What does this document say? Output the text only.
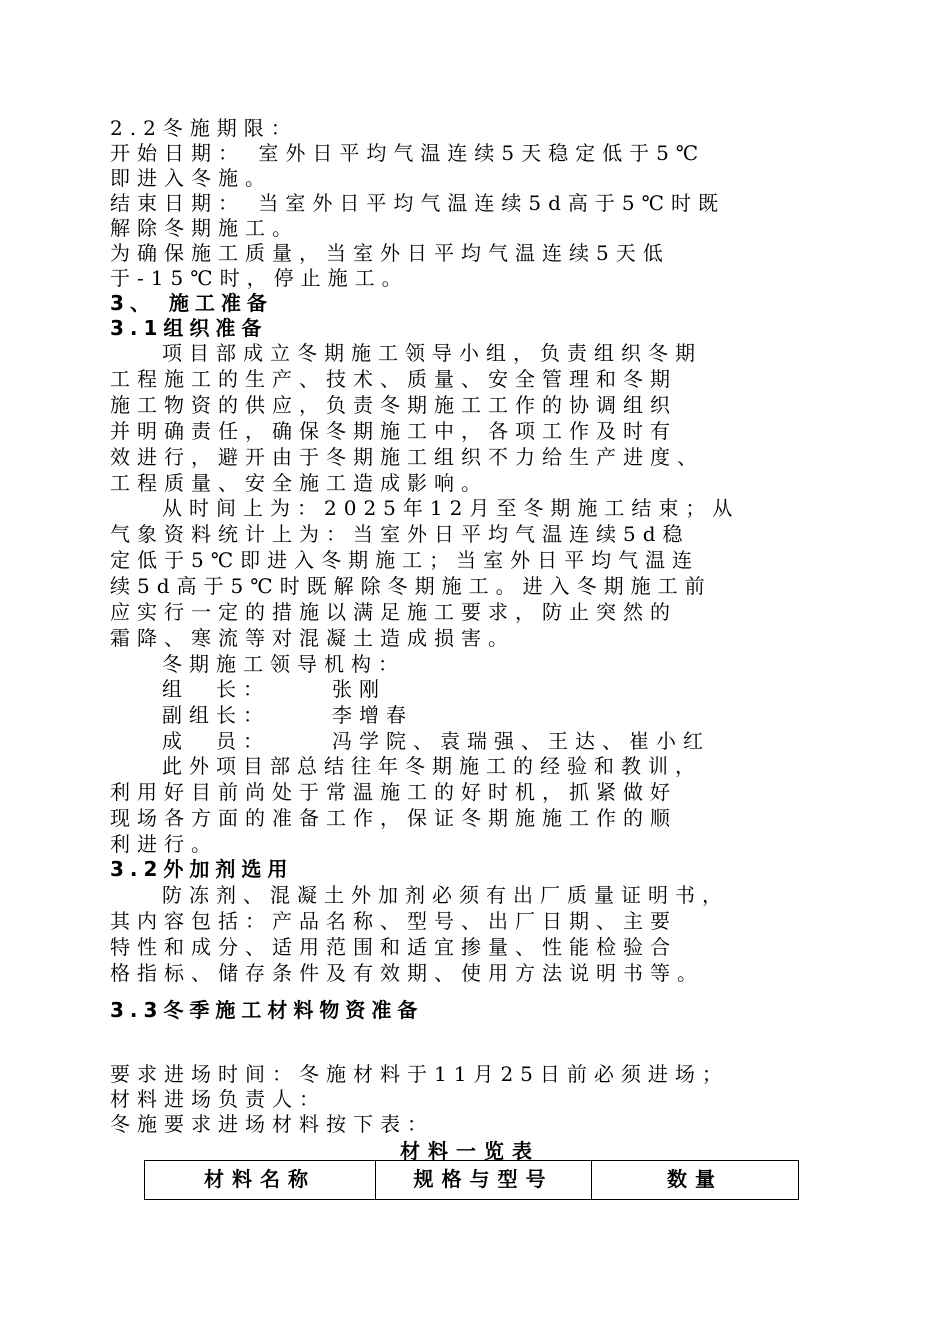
2.2冬施期限：
开始日期： 室外日平均气温连续5天稳定低于5℃
即进入冬施。
结束日期： 当室外日平均气温连续5d高于5℃时既
解除冬期施工。
为确保施工质量，当室外日平均气温连续5天低
于-15℃时，停止施工。
3、 施工准备
3.1组织准备
项目部成立冬期施工领导小组，负责组织冬期
工程施工的生产、技术、质量、安全管理和冬期
施工物资的供应，负责冬期施工工作的协调组织
并明确责任，确保冬期施工中，各项工作及时有
效进行，避开由于冬期施工组织不力给生产进度、
工程质量、安全施工造成影响。
从时间上为：2025年12月至冬期施工结束；从
气象资料统计上为：当室外日平均气温连续5d稳
定低于5℃即进入冬期施工；当室外日平均气温连
续5d高于5℃时既解除冬期施工。进入冬期施工前
应实行一定的措施以满足施工要求，防止突然的
霜降、寒流等对混凝土造成损害。
冬期施工领导机构：
组　长：	张刚
副组长：	李增春
成　员：	冯学院、袁瑞强、王达、崔小红
此外项目部总结往年冬期施工的经验和教训，
利用好目前尚处于常温施工的好时机，抓紧做好
现场各方面的准备工作，保证冬期施施工作的顺
利进行。
3.2外加剂选用
防冻剂、混凝土外加剂必须有出厂质量证明书，
其内容包括：产品名称、型号、出厂日期、主要
特性和成分、适用范围和适宜掺量、性能检验合
格指标、储存条件及有效期、使用方法说明书等。
3.3冬季施工材料物资准备
要求进场时间：冬施材料于11月25日前必须进场；
材料进场负责人：
冬施要求进场材料按下表：
材料一览表
材料名称	规格与型号	数量
